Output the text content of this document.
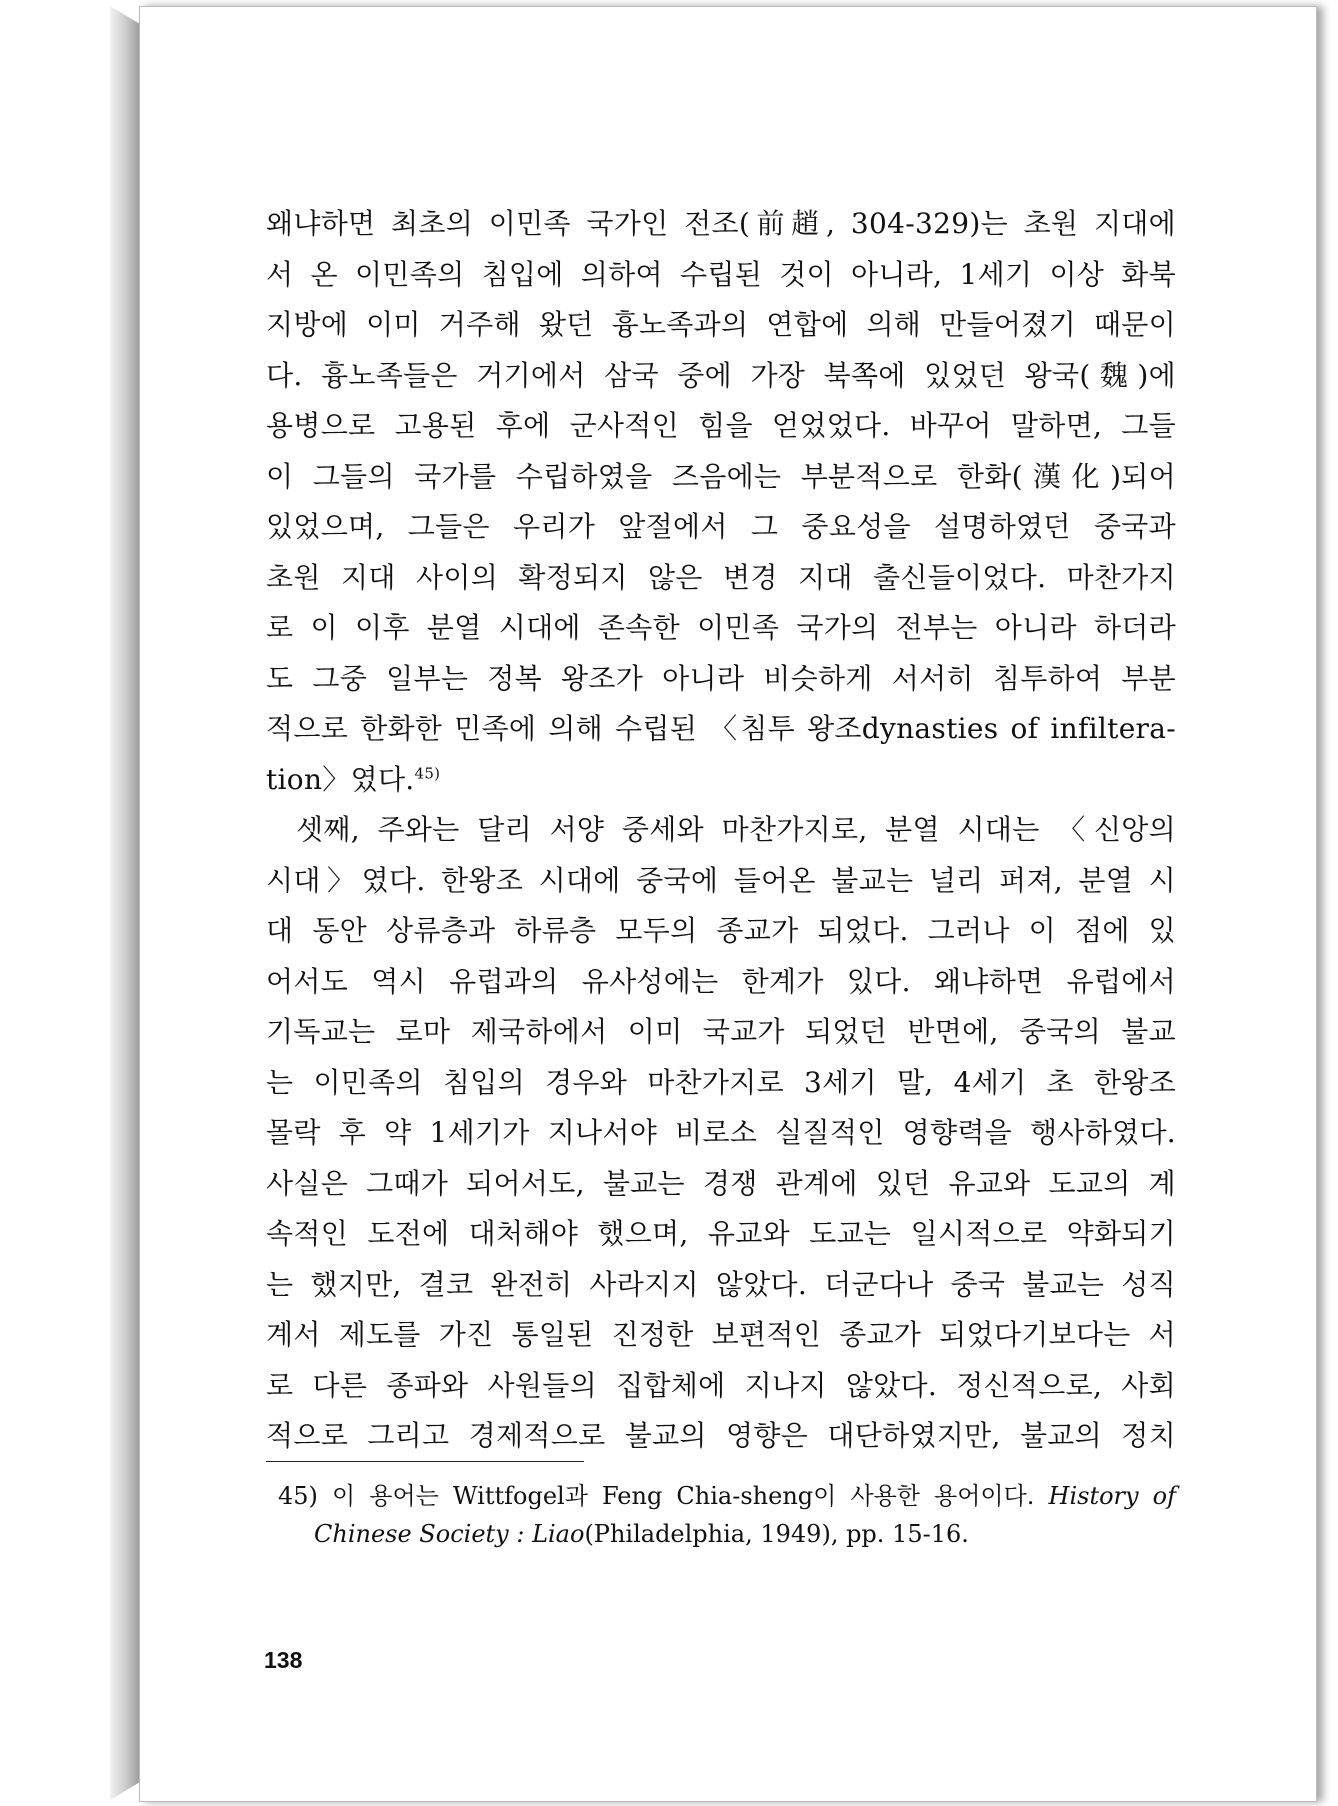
왜냐하면 최초의 이민족 국가인 전조(前趙, 304-329)는 초원 지대에
서 온 이민족의 침입에 의하여 수립된 것이 아니라, 1세기 이상 화북
지방에 이미 거주해 왔던 흉노족과의 연합에 의해 만들어졌기 때문이
다. 흉노족들은 거기에서 삼국 중에 가장 북쪽에 있었던 왕국(魏)에
용병으로 고용된 후에 군사적인 힘을 얻었었다. 바꾸어 말하면, 그들
이 그들의 국가를 수립하였을 즈음에는 부분적으로 한화(漢化)되어
있었으며, 그들은 우리가 앞절에서 그 중요성을 설명하였던 중국과
초원 지대 사이의 확정되지 않은 변경 지대 출신들이었다. 마찬가지
로 이 이후 분열 시대에 존속한 이민족 국가의 전부는 아니라 하더라
도 그중 일부는 정복 왕조가 아니라 비슷하게 서서히 침투하여 부분
적으로 한화한 민족에 의해 수립된 〈침투 왕조dynasties of infiltera-
tion〉였다.$^{45)}$
셋째, 주와는 달리 서양 중세와 마찬가지로, 분열 시대는 〈신앙의
시대〉였다. 한왕조 시대에 중국에 들어온 불교는 널리 퍼져, 분열 시
대 동안 상류층과 하류층 모두의 종교가 되었다. 그러나 이 점에 있
어서도 역시 유럽과의 유사성에는 한계가 있다. 왜냐하면 유럽에서
기독교는 로마 제국하에서 이미 국교가 되었던 반면에, 중국의 불교
는 이민족의 침입의 경우와 마찬가지로 3세기 말, 4세기 초 한왕조
몰락 후 약 1세기가 지나서야 비로소 실질적인 영향력을 행사하였다.
사실은 그때가 되어서도, 불교는 경쟁 관계에 있던 유교와 도교의 계
속적인 도전에 대처해야 했으며, 유교와 도교는 일시적으로 약화되기
는 했지만, 결코 완전히 사라지지 않았다. 더군다나 중국 불교는 성직
계서 제도를 가진 통일된 진정한 보편적인 종교가 되었다기보다는 서
로 다른 종파와 사원들의 집합체에 지나지 않았다. 정신적으로, 사회
적으로 그리고 경제적으로 불교의 영향은 대단하였지만, 불교의 정치
45) 이 용어는 Wittfogel과 Feng Chia-sheng이 사용한 용어이다. History of
Chinese Society : Liao(Philadelphia, 1949), pp. 15-16.
138
